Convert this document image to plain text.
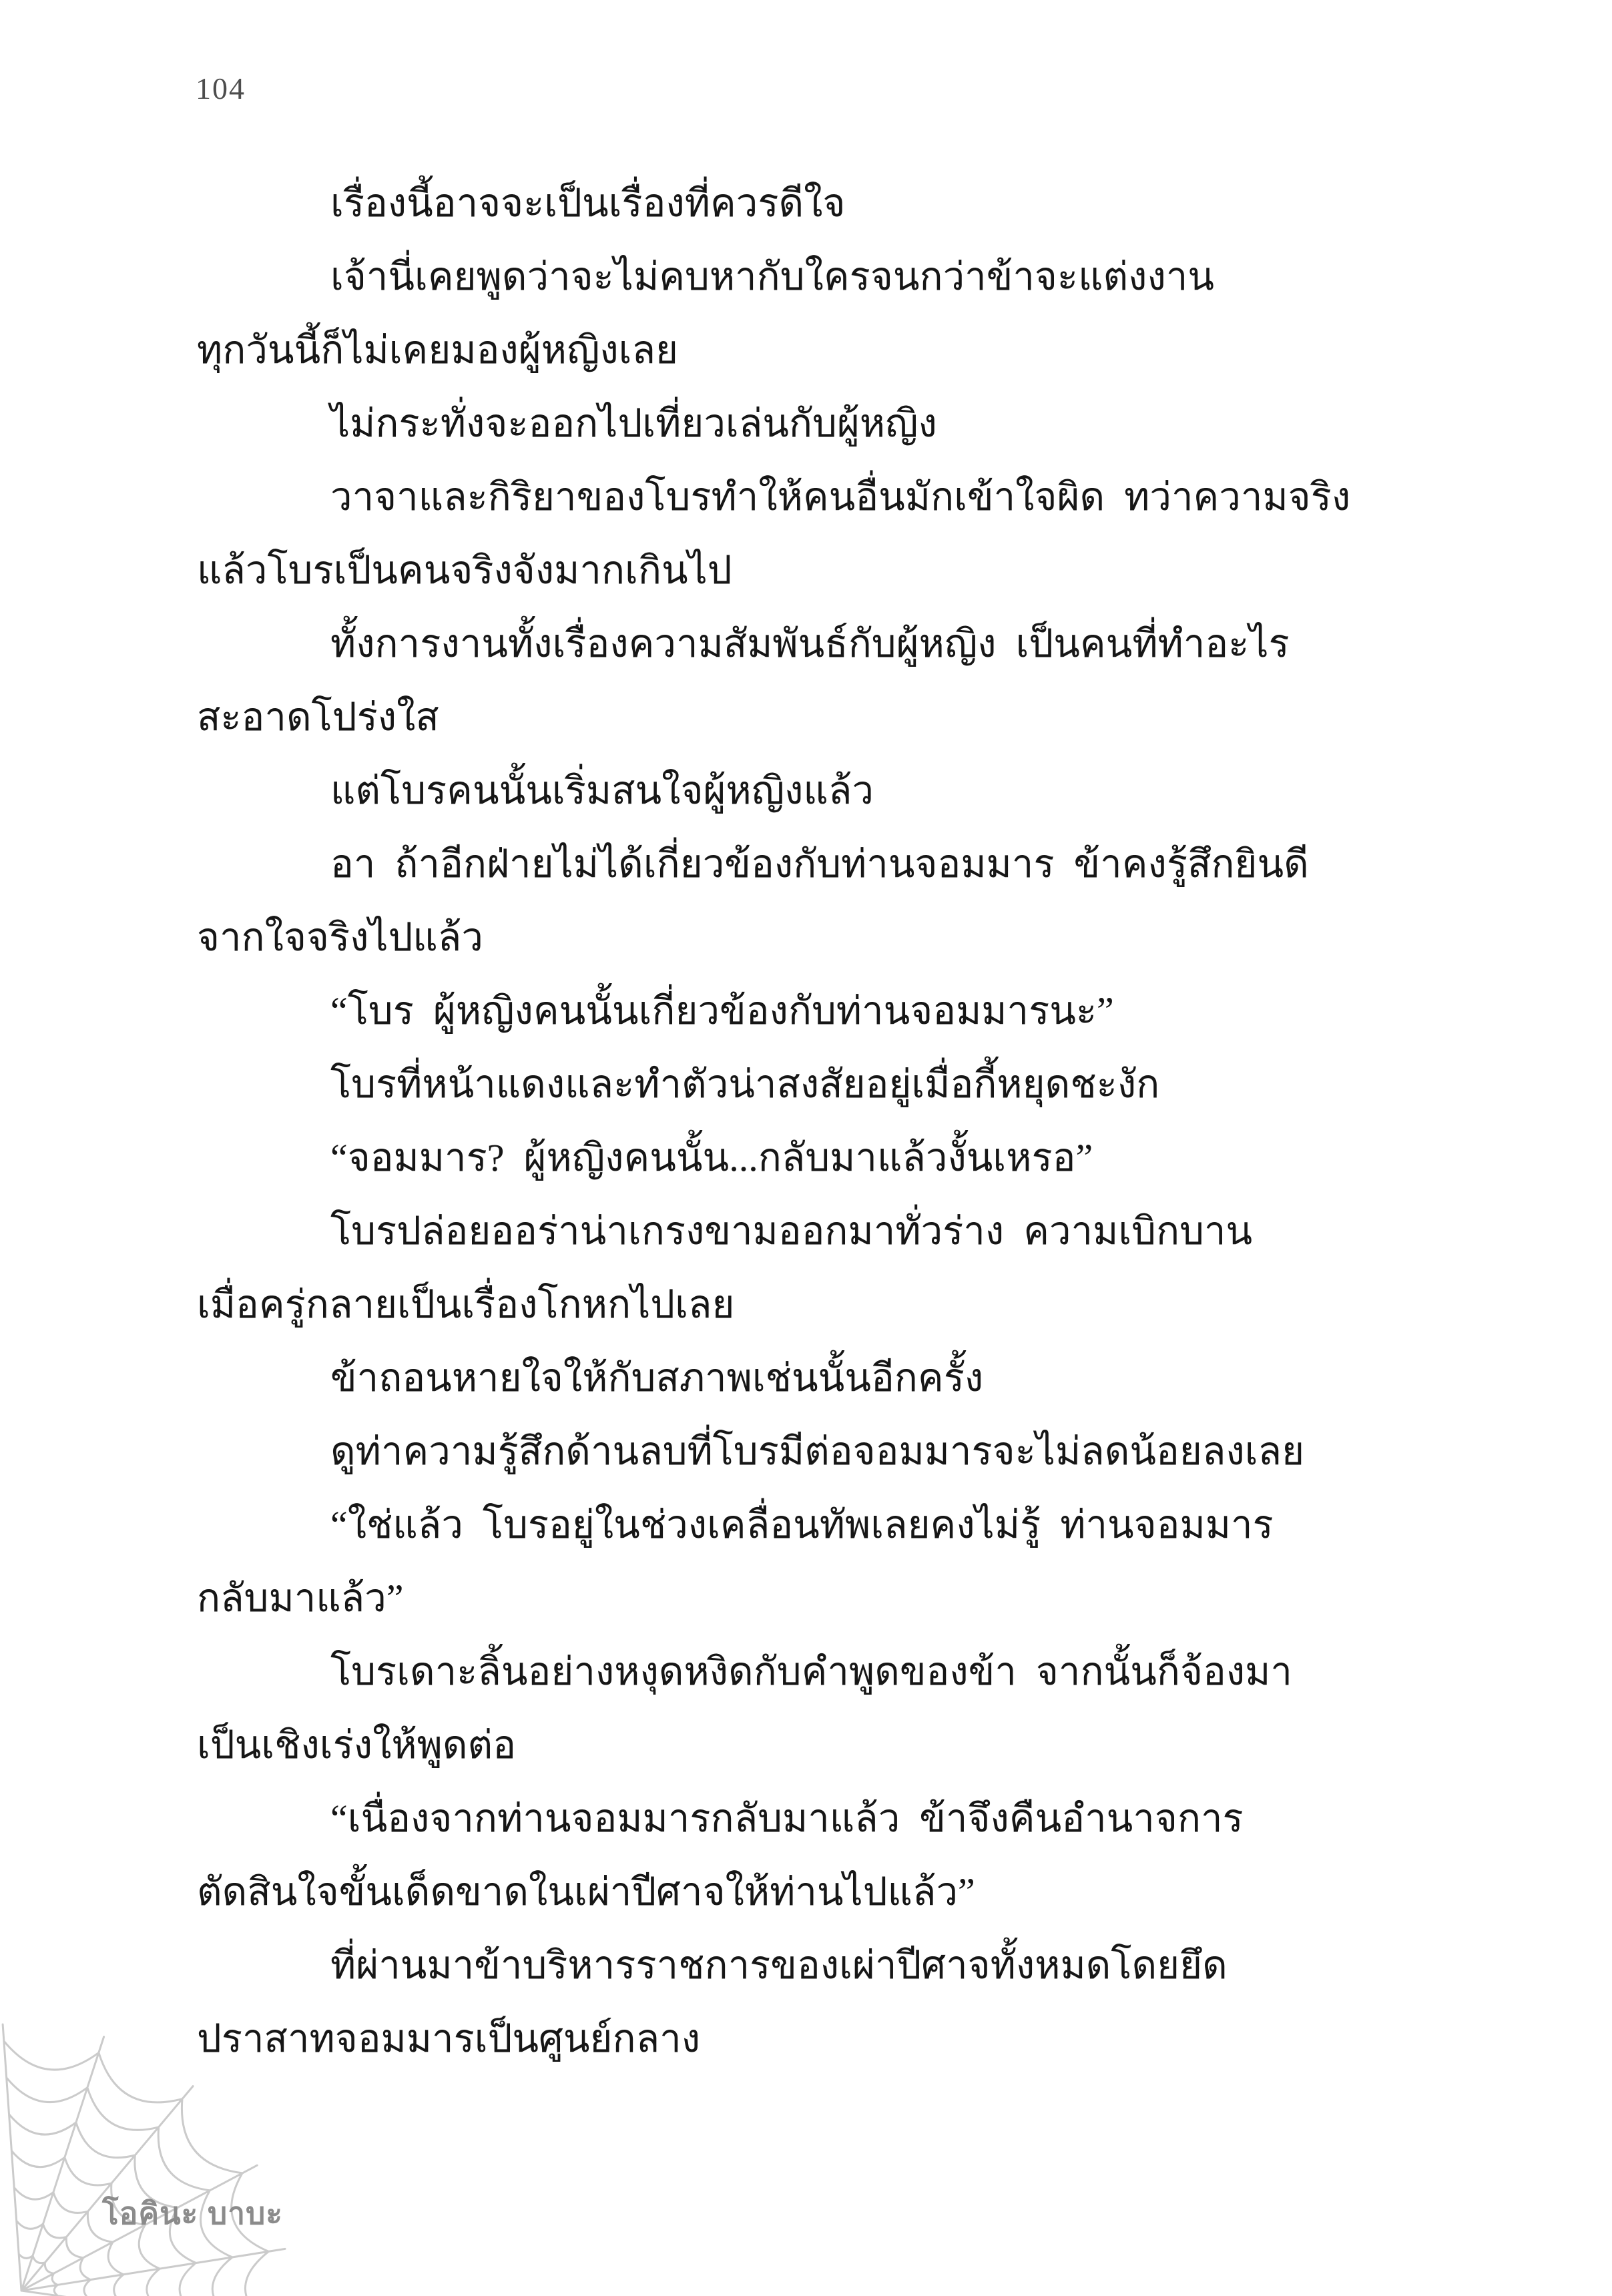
104
เรื่องนี้อาจจะเป็นเรื่องที่ควรดีใจ
เจ้านี่เคยพูดว่าจะไม่คบหากับใครจนกว่าข้าจะแต่งงาน
ทุกวันนี้ก็ไม่เคยมองผู้หญิงเลย
ไม่กระทั่งจะออกไปเที่ยวเล่นกับผู้หญิง
วาจาและกิริยาของโบรทำให้คนอื่นมักเข้าใจผิด  ทว่าความจริง
แล้วโบรเป็นคนจริงจังมากเกินไป
ทั้งการงานทั้งเรื่องความสัมพันธ์กับผู้หญิง  เป็นคนที่ทำอะไร
สะอาดโปร่งใส
แต่โบรคนนั้นเริ่มสนใจผู้หญิงแล้ว
อา  ถ้าอีกฝ่ายไม่ได้เกี่ยวข้องกับท่านจอมมาร  ข้าคงรู้สึกยินดี
จากใจจริงไปแล้ว
“โบร  ผู้หญิงคนนั้นเกี่ยวข้องกับท่านจอมมารนะ”
โบรที่หน้าแดงและทำตัวน่าสงสัยอยู่เมื่อกี้หยุดชะงัก
“จอมมาร?  ผู้หญิงคนนั้น...กลับมาแล้วงั้นเหรอ”
โบรปล่อยออร่าน่าเกรงขามออกมาทั่วร่าง  ความเบิกบาน
เมื่อครู่กลายเป็นเรื่องโกหกไปเลย
ข้าถอนหายใจให้กับสภาพเช่นนั้นอีกครั้ง
ดูท่าความรู้สึกด้านลบที่โบรมีต่อจอมมารจะไม่ลดน้อยลงเลย
“ใช่แล้ว  โบรอยู่ในช่วงเคลื่อนทัพเลยคงไม่รู้  ท่านจอมมาร
กลับมาแล้ว”
โบรเดาะลิ้นอย่างหงุดหงิดกับคำพูดของข้า  จากนั้นก็จ้องมา
เป็นเชิงเร่งให้พูดต่อ
“เนื่องจากท่านจอมมารกลับมาแล้ว  ข้าจึงคืนอำนาจการ
ตัดสินใจขั้นเด็ดขาดในเผ่าปีศาจให้ท่านไปแล้ว”
ที่ผ่านมาข้าบริหารราชการของเผ่าปีศาจทั้งหมดโดยยึด
ปราสาทจอมมารเป็นศูนย์กลาง
โอคินะ บาบะ
